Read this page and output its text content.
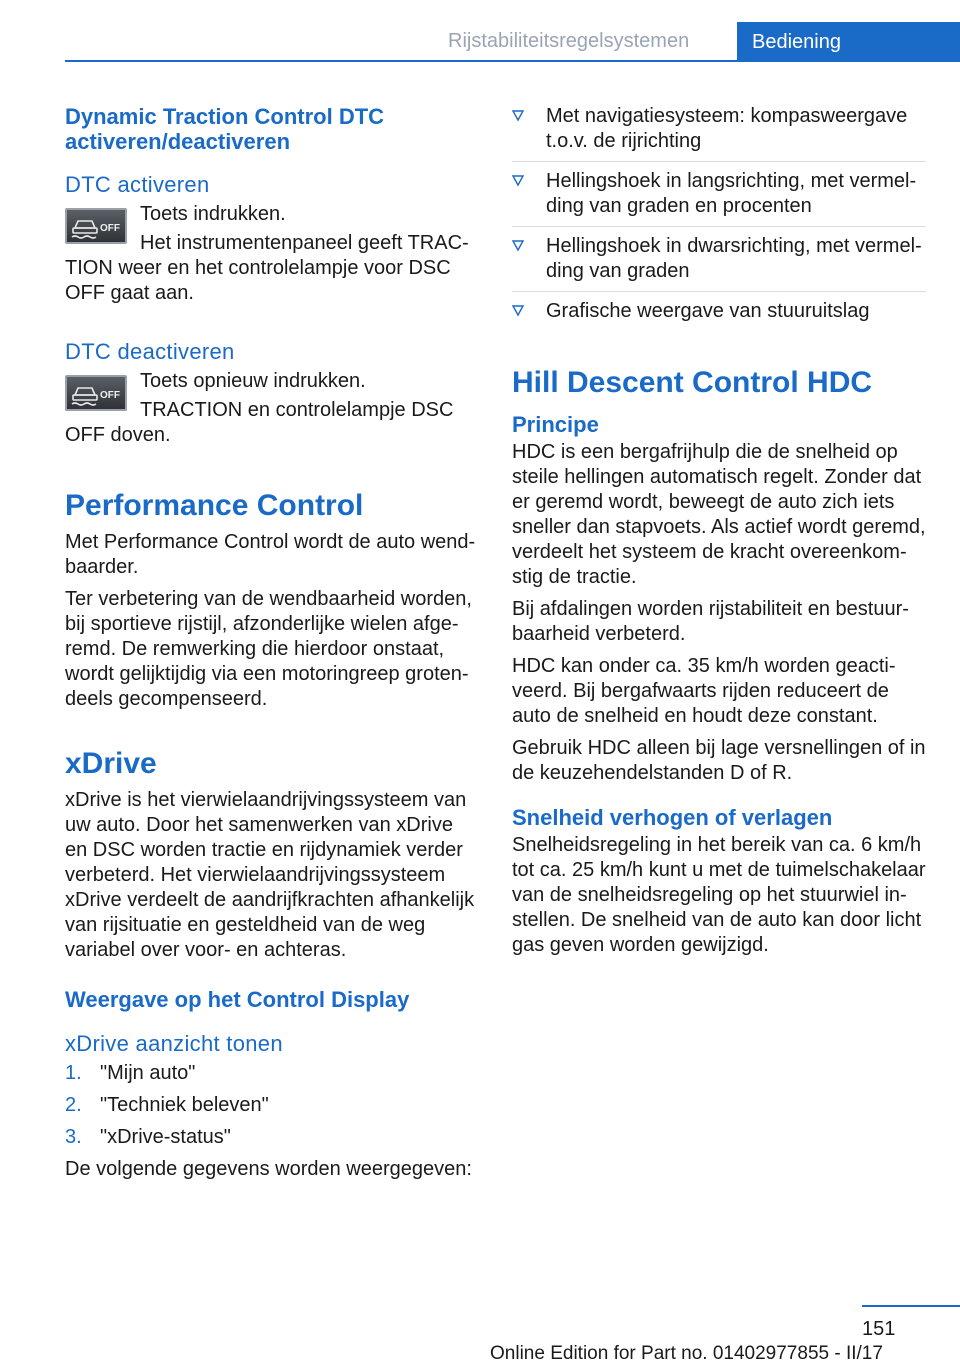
Rijstabiliteitsregelsystemen	Bediening
Dynamic Traction Control DTC activeren/deactiveren
DTC activeren
OFF

Toets indrukken.

Het instrumentenpaneel geeft TRACTION weer en het controlelampje voor DSC OFF gaat aan.

DTC deactiveren
OFF

Toets opnieuw indrukken.

TRACTION en controlelampje DSC OFF doven.

Performance Control

Met Performance Control wordt de auto wendbaarder.

Ter verbetering van de wendbaarheid worden, bij sportieve rijstijl, afzonderlijke wielen afgeremd. De remwerking die hierdoor onstaat, wordt gelijktijdig via een motoringreep grotendeels gecompenseerd.

xDrive

xDrive is het vierwielaandrijvingssysteem van uw auto. Door het samenwerken van xDrive en DSC worden tractie en rijdynamiek verder verbeterd. Het vierwielaandrijvingssysteem xDrive verdeelt de aandrijfkrachten afhankelijk van rijsituatie en gesteldheid van de weg variabel over voor- en achteras.

Weergave op het Control Display
xDrive aanzicht tonen
1. "Mijn auto"
2. "Techniek beleven"
3. "xDrive-status"

De volgende gegevens worden weergegeven:

Met navigatiesysteem: kompasweergave t.o.v. de rijrichting
Hellingshoek in langsrichting, met vermelding van graden en procenten
Hellingshoek in dwarsrichting, met vermelding van graden
Grafische weergave van stuuruitslag
Hill Descent Control HDC
Principe

HDC is een bergafrijhulp die de snelheid op steile hellingen automatisch regelt. Zonder dat er geremd wordt, beweegt de auto zich iets sneller dan stapvoets. Als actief wordt geremd, verdeelt het systeem de kracht overeenkomstig de tractie.

Bij afdalingen worden rijstabiliteit en bestuurbaarheid verbeterd.

HDC kan onder ca. 35 km/h worden geactiveerd. Bij bergafwaarts rijden reduceert de auto de snelheid en houdt deze constant.

Gebruik HDC alleen bij lage versnellingen of in de keuzehendelstanden D of R.

Snelheid verhogen of verlagen

Snelheidsregeling in het bereik van ca. 6 km/h tot ca. 25 km/h kunt u met de tuimelschakelaar van de snelheidsregeling op het stuurwiel instellen. De snelheid van de auto kan door licht gas geven worden gewijzigd.

151
Online Edition for Part no. 01402977855 - II/17
